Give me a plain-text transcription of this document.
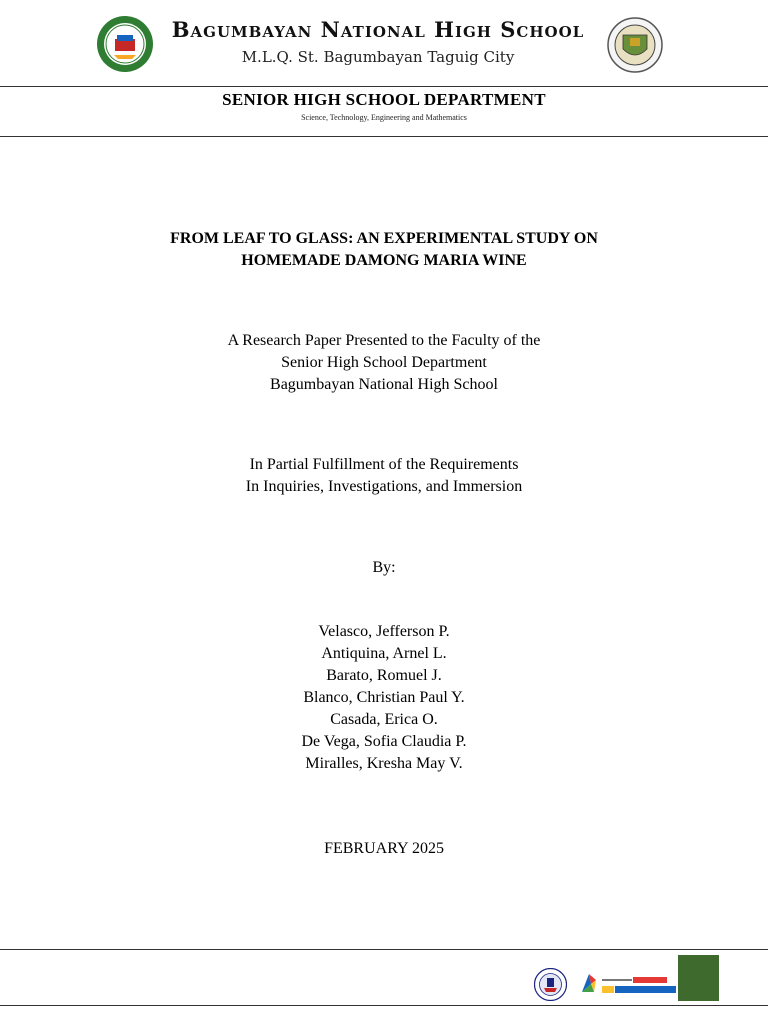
Bagumbayan National High School
M.L.Q. St. Bagumbayan Taguig City
SENIOR HIGH SCHOOL DEPARTMENT
Science, Technology, Engineering and Mathematics
FROM LEAF TO GLASS: AN EXPERIMENTAL STUDY ON
HOMEMADE DAMONG MARIA WINE
A Research Paper Presented to the Faculty of the
Senior High School Department
Bagumbayan National High School
In Partial Fulfillment of the Requirements
In Inquiries, Investigations, and Immersion
By:
Velasco, Jefferson P.
Antiquina, Arnel L.
Barato, Romuel J.
Blanco, Christian Paul Y.
Casada, Erica O.
De Vega, Sofia Claudia P.
Miralles, Kresha May V.
FEBRUARY 2025
